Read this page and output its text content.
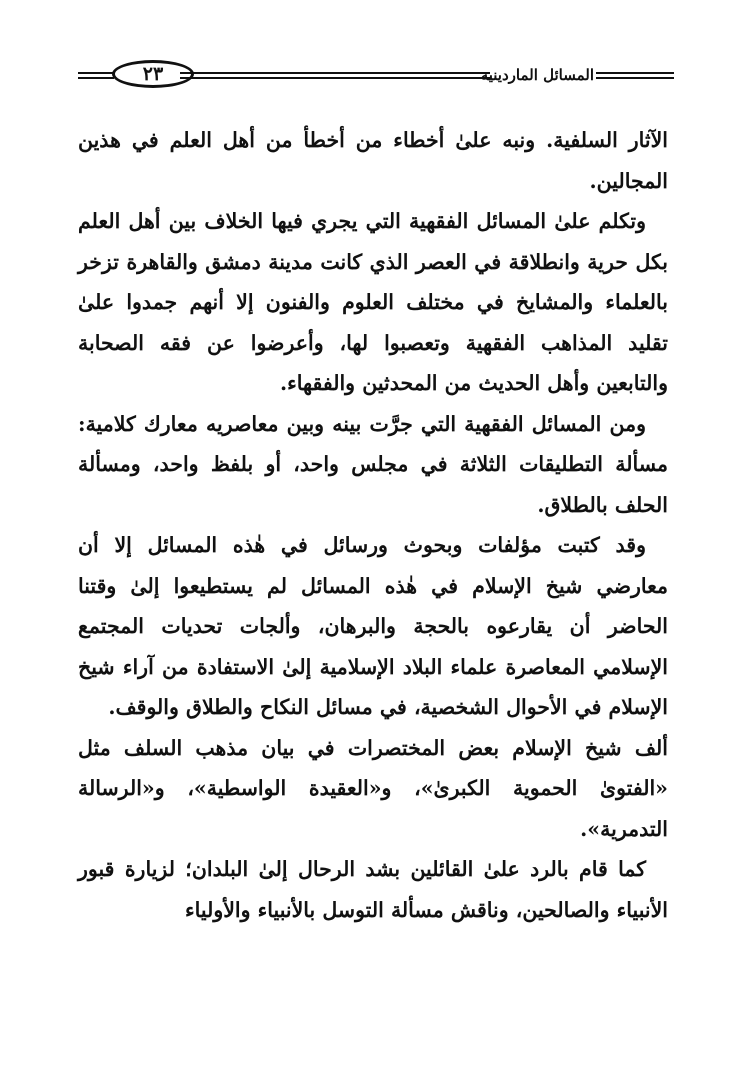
المسائل الماردينية
٢٣

الآثار السلفية. ونبه علىٰ أخطاء من أخطأ من أهل العلم في هذين المجالين.

وتكلم علىٰ المسائل الفقهية التي يجري فيها الخلاف بين أهل العلم بكل حرية وانطلاقة في العصر الذي كانت مدينة دمشق والقاهرة تزخر بالعلماء والمشايخ في مختلف العلوم والفنون إلا أنهم جمدوا علىٰ تقليد المذاهب الفقهية وتعصبوا لها، وأعرضوا عن فقه الصحابة والتابعين وأهل الحديث من المحدثين والفقهاء.

ومن المسائل الفقهية التي جرَّت بينه وبين معاصريه معارك كلامية: مسألة التطليقات الثلاثة في مجلس واحد، أو بلفظ واحد، ومسألة الحلف بالطلاق.

وقد كتبت مؤلفات وبحوث ورسائل في هٰذه المسائل إلا أن معارضي شيخ الإسلام في هٰذه المسائل لم يستطيعوا إلىٰ وقتنا الحاضر أن يقارعوه بالحجة والبرهان، وألجات تحديات المجتمع الإسلامي المعاصرة علماء البلاد الإسلامية إلىٰ الاستفادة من آراء شيخ الإسلام في الأحوال الشخصية، في مسائل النكاح والطلاق والوقف.

ألف شيخ الإسلام بعض المختصرات في بيان مذهب السلف مثل «الفتوىٰ الحموية الكبرىٰ»، و«العقيدة الواسطية»، و«الرسالة التدمرية».

كما قام بالرد علىٰ القائلين بشد الرحال إلىٰ البلدان؛ لزيارة قبور الأنبياء والصالحين، وناقش مسألة التوسل بالأنبياء والأولياء
